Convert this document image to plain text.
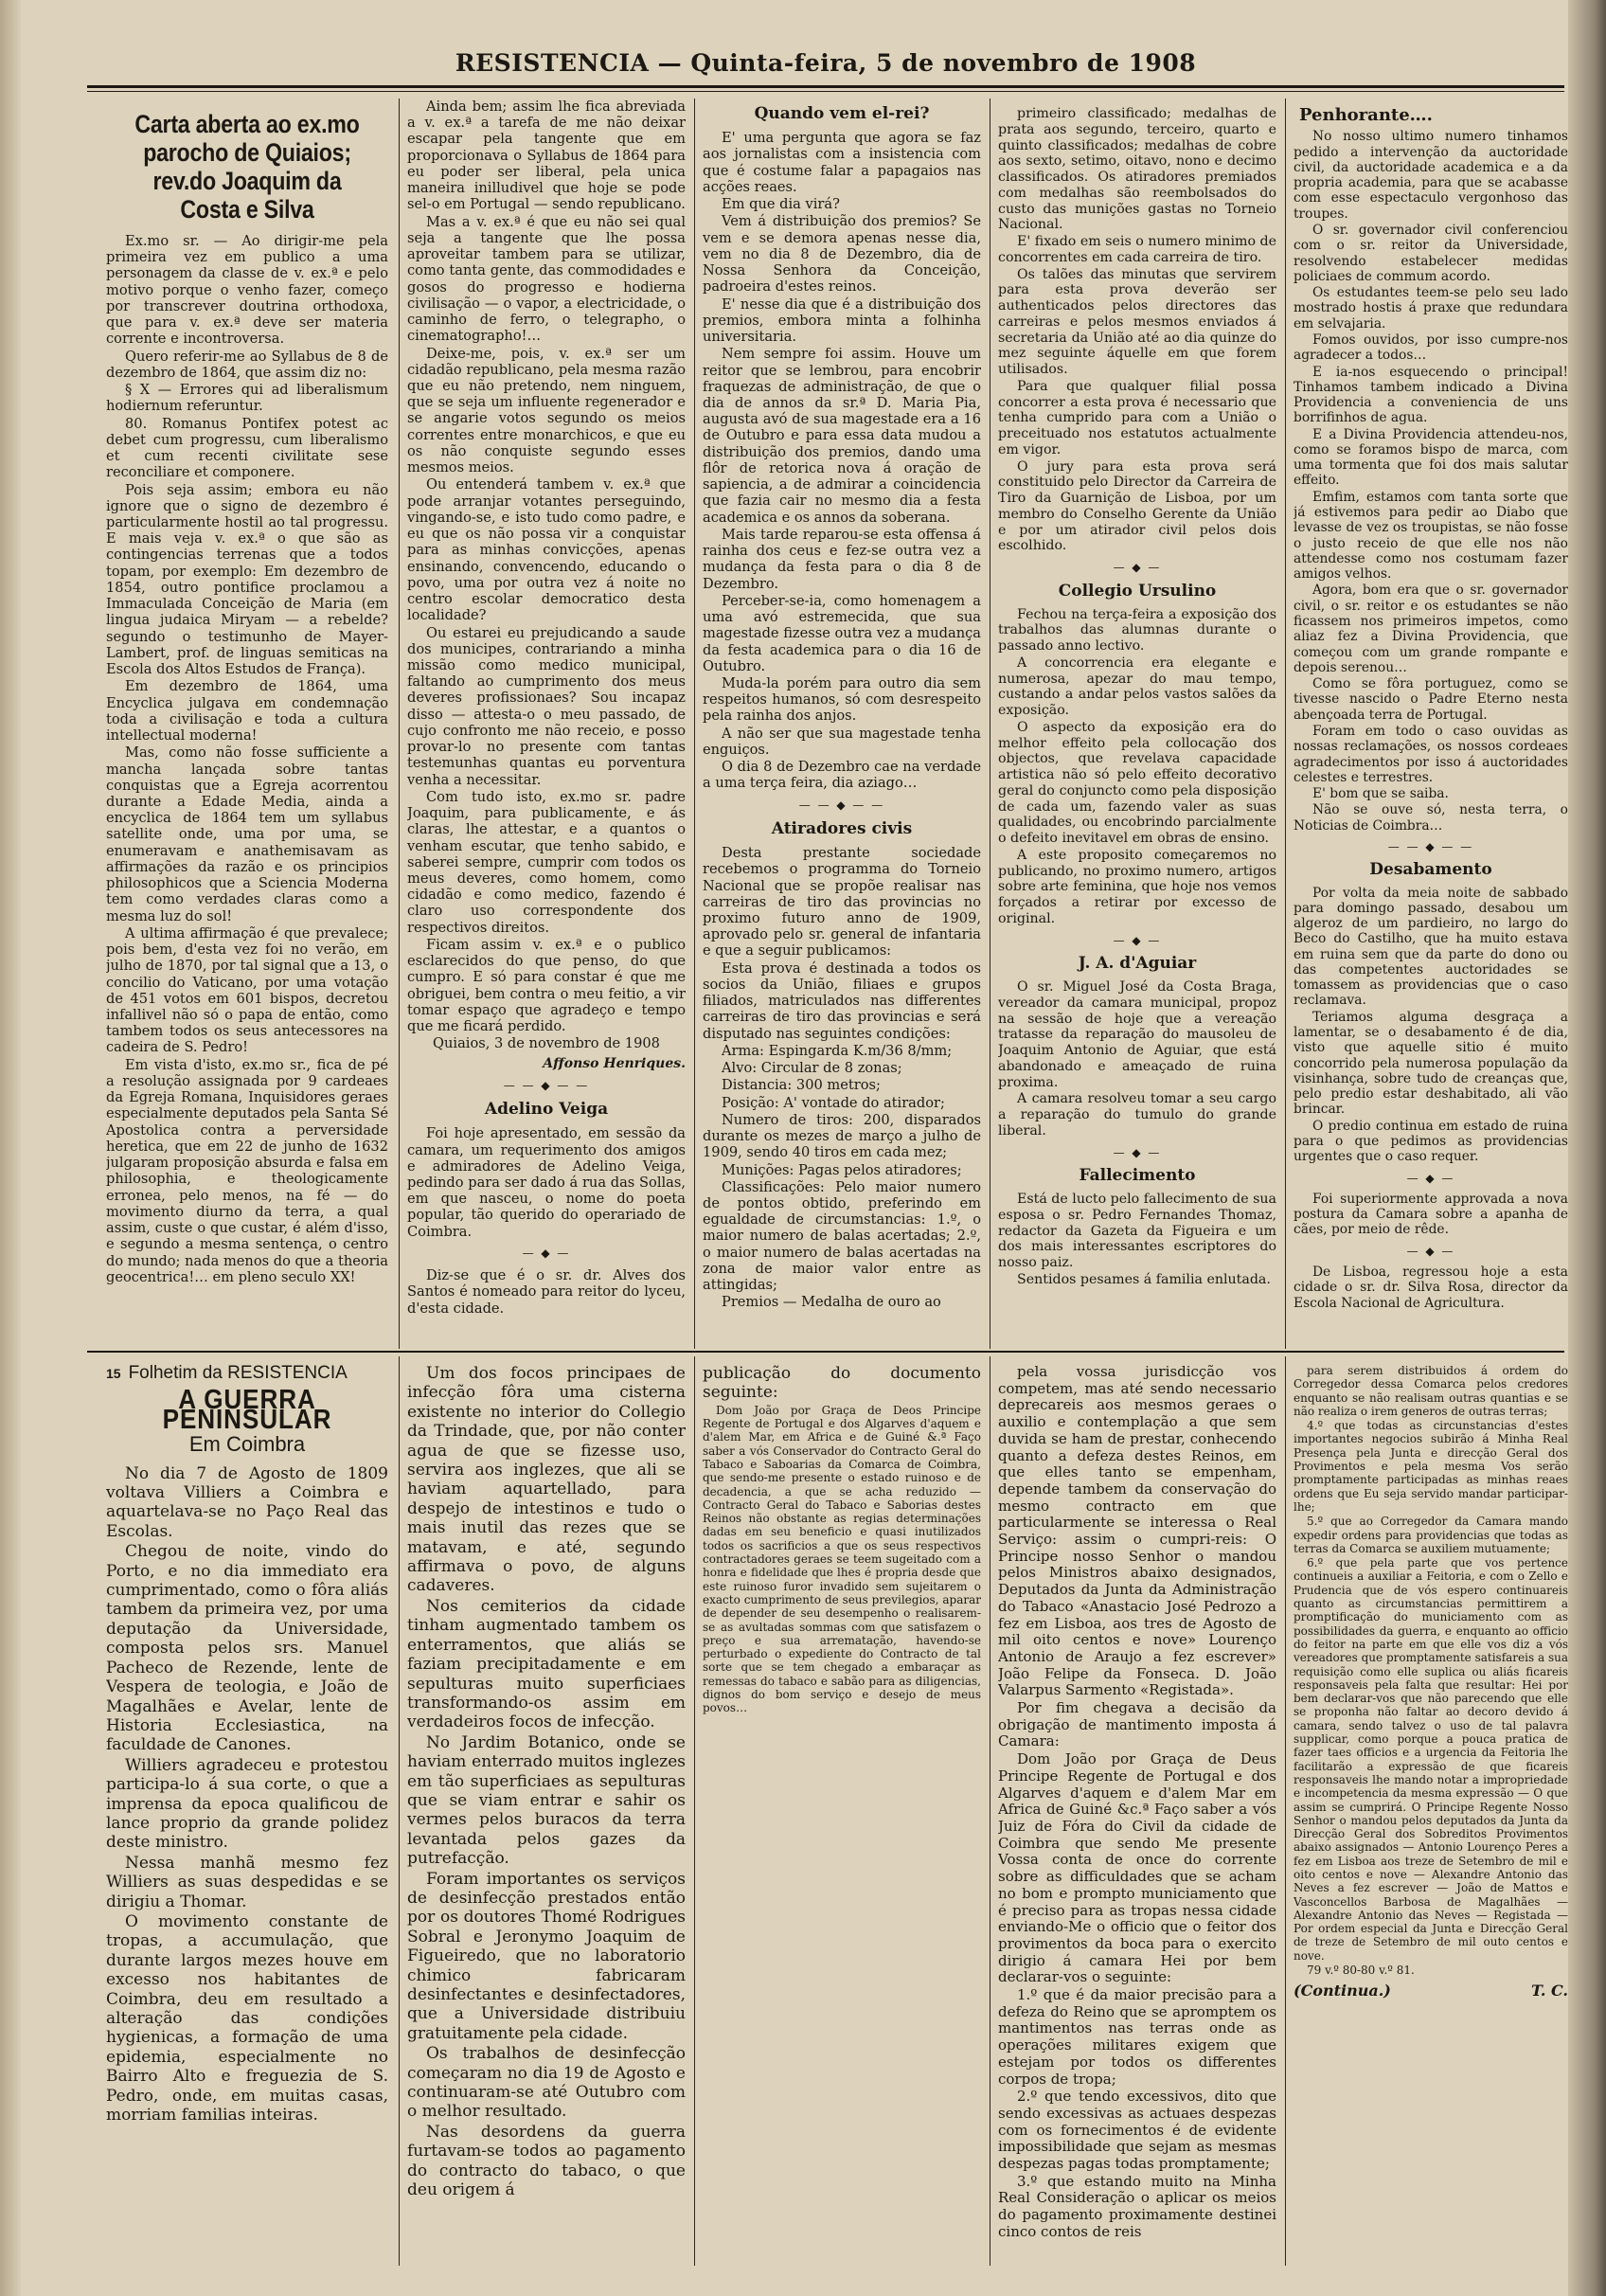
RESISTENCIA — Quinta-feira, 5 de novembro de 1908
Carta aberta ao ex.mo parocho de Quiaios; rev.do Joaquim da Costa e Silva

Ex.mo sr. — Ao dirigir-me pela primeira vez em publico a uma personagem da classe de v. ex.ª e pelo motivo porque o venho fazer, começo por transcrever doutrina orthodoxa, que para v. ex.ª deve ser materia corrente e incontroversa.

Quero referir-me ao Syllabus de 8 de dezembro de 1864, que assim diz no:

§ X — Errores qui ad liberalismum hodiernum referuntur.

80. Romanus Pontifex potest ac debet cum progressu, cum liberalismo et cum recenti civilitate sese reconciliare et componere.

Pois seja assim; embora eu não ignore que o signo de dezembro é particularmente hostil ao tal progressu. E mais veja v. ex.ª o que são as contingencias terrenas que a todos topam, por exemplo: Em dezembro de 1854, outro pontifice proclamou a Immaculada Conceição de Maria (em lingua judaica Miryam — a rebelde? segundo o testimunho de Mayer-Lambert, prof. de linguas semiticas na Escola dos Altos Estudos de França).

Em dezembro de 1864, uma Encyclica julgava em condemnação toda a civilisação e toda a cultura intellectual moderna!

Mas, como não fosse sufficiente a mancha lançada sobre tantas conquistas que a Egreja acorrentou durante a Edade Media, ainda a encyclica de 1864 tem um syllabus satellite onde, uma por uma, se enumeravam e anathemisavam as affirmações da razão e os principios philosophicos que a Sciencia Moderna tem como verdades claras como a mesma luz do sol!

A ultima affirmação é que prevalece; pois bem, d'esta vez foi no verão, em julho de 1870, por tal signal que a 13, o concilio do Vaticano, por uma votação de 451 votos em 601 bispos, decretou infallivel não só o papa de então, como tambem todos os seus antecessores na cadeira de S. Pedro!

Em vista d'isto, ex.mo sr., fica de pé a resolução assignada por 9 cardeaes da Egreja Romana, Inquisidores geraes especialmente deputados pela Santa Sé Apostolica contra a perversidade heretica, que em 22 de junho de 1632 julgaram proposição absurda e falsa em philosophia, e theologicamente erronea, pelo menos, na fé — do movimento diurno da terra, a qual assim, custe o que custar, é além d'isso, e segundo a mesma sentença, o centro do mundo; nada menos do que a theoria geocentrica!… em pleno seculo XX!

Ainda bem; assim lhe fica abreviada a v. ex.ª a tarefa de me não deixar escapar pela tangente que em proporcionava o Syllabus de 1864 para eu poder ser liberal, pela unica maneira inilludivel que hoje se pode sel-o em Portugal — sendo republicano.

Mas a v. ex.ª é que eu não sei qual seja a tangente que lhe possa aproveitar tambem para se utilizar, como tanta gente, das commodidades e gosos do progresso e hodierna civilisação — o vapor, a electricidade, o caminho de ferro, o telegrapho, o cinematographo!…

Deixe-me, pois, v. ex.ª ser um cidadão republicano, pela mesma razão que eu não pretendo, nem ninguem, que se seja um influente regenerador e se angarie votos segundo os meios correntes entre monarchicos, e que eu os não conquiste segundo esses mesmos meios.

Ou entenderá tambem v. ex.ª que pode arranjar votantes perseguindo, vingando-se, e isto tudo como padre, e eu que os não possa vir a conquistar para as minhas convicções, apenas ensinando, convencendo, educando o povo, uma por outra vez á noite no centro escolar democratico desta localidade?

Ou estarei eu prejudicando a saude dos municipes, contrariando a minha missão como medico municipal, faltando ao cumprimento dos meus deveres profissionaes? Sou incapaz disso — attesta-o o meu passado, de cujo confronto me não receio, e posso provar-lo no presente com tantas testemunhas quantas eu porventura venha a necessitar.

Com tudo isto, ex.mo sr. padre Joaquim, para publicamente, e ás claras, lhe attestar, e a quantos o venham escutar, que tenho sabido, e saberei sempre, cumprir com todos os meus deveres, como homem, como cidadão e como medico, fazendo é claro uso correspondente dos respectivos direitos.

Ficam assim v. ex.ª e o publico esclarecidos do que penso, do que cumpro. E só para constar é que me obriguei, bem contra o meu feitio, a vir tomar espaço que agradeço e tempo que me ficará perdido.

Quiaios, 3 de novembro de 1908

Affonso Henriques.

— — ◆ — —
Adelino Veiga

Foi hoje apresentado, em sessão da camara, um requerimento dos amigos e admiradores de Adelino Veiga, pedindo para ser dado á rua das Sollas, em que nasceu, o nome do poeta popular, tão querido do operariado de Coimbra.

— ◆ —

Diz-se que é o sr. dr. Alves dos Santos é nomeado para reitor do lyceu, d'esta cidade.

Quando vem el-rei?

E' uma pergunta que agora se faz aos jornalistas com a insistencia com que é costume falar a papagaios nas acções reaes.

Em que dia virá?

Vem á distribuição dos premios? Se vem e se demora apenas nesse dia, vem no dia 8 de Dezembro, dia de Nossa Senhora da Conceição, padroeira d'estes reinos.

E' nesse dia que é a distribuição dos premios, embora minta a folhinha universitaria.

Nem sempre foi assim. Houve um reitor que se lembrou, para encobrir fraquezas de administração, de que o dia de annos da sr.ª D. Maria Pia, augusta avó de sua magestade era a 16 de Outubro e para essa data mudou a distribuição dos premios, dando uma flôr de retorica nova á oração de sapiencia, a de admirar a coincidencia que fazia cair no mesmo dia a festa academica e os annos da soberana.

Mais tarde reparou-se esta offensa á rainha dos ceus e fez-se outra vez a mudança da festa para o dia 8 de Dezembro.

Perceber-se-ia, como homenagem a uma avó estremecida, que sua magestade fizesse outra vez a mudança da festa academica para o dia 16 de Outubro.

Muda-la porém para outro dia sem respeitos humanos, só com desrespeito pela rainha dos anjos.

A não ser que sua magestade tenha enguiços.

O dia 8 de Dezembro cae na verdade a uma terça feira, dia aziago…

— — ◆ — —
Atiradores civis

Desta prestante sociedade recebemos o programma do Torneio Nacional que se propõe realisar nas carreiras de tiro das provincias no proximo futuro anno de 1909, aprovado pelo sr. general de infantaria e que a seguir publicamos:

Esta prova é destinada a todos os socios da União, filiaes e grupos filiados, matriculados nas differentes carreiras de tiro das provincias e será disputado nas seguintes condições:

Arma: Espingarda K.m/36 8/mm;

Alvo: Circular de 8 zonas;

Distancia: 300 metros;

Posição: A' vontade do atirador;

Numero de tiros: 200, disparados durante os mezes de março a julho de 1909, sendo 40 tiros em cada mez;

Munições: Pagas pelos atiradores;

Classificações: Pelo maior numero de pontos obtido, preferindo em egualdade de circumstancias: 1.º, o maior numero de balas acertadas; 2.º, o maior numero de balas acertadas na zona de maior valor entre as attingidas;

Premios — Medalha de ouro ao

primeiro classificado; medalhas de prata aos segundo, terceiro, quarto e quinto classificados; medalhas de cobre aos sexto, setimo, oitavo, nono e decimo classificados. Os atiradores premiados com medalhas são reembolsados do custo das munições gastas no Torneio Nacional.

E' fixado em seis o numero minimo de concorrentes em cada carreira de tiro.

Os talões das minutas que servirem para esta prova deverão ser authenticados pelos directores das carreiras e pelos mesmos enviados á secretaria da União até ao dia quinze do mez seguinte áquelle em que forem utilisados.

Para que qualquer filial possa concorrer a esta prova é necessario que tenha cumprido para com a União o preceituado nos estatutos actualmente em vigor.

O jury para esta prova será constituido pelo Director da Carreira de Tiro da Guarnição de Lisboa, por um membro do Conselho Gerente da União e por um atirador civil pelos dois escolhido.

— ◆ —
Collegio Ursulino

Fechou na terça-feira a exposição dos trabalhos das alumnas durante o passado anno lectivo.

A concorrencia era elegante e numerosa, apezar do mau tempo, custando a andar pelos vastos salões da exposição.

O aspecto da exposição era do melhor effeito pela collocação dos objectos, que revelava capacidade artistica não só pelo effeito decorativo geral do conjuncto como pela disposição de cada um, fazendo valer as suas qualidades, ou encobrindo parcialmente o defeito inevitavel em obras de ensino.

A este proposito começaremos no publicando, no proximo numero, artigos sobre arte feminina, que hoje nos vemos forçados a retirar por excesso de original.

— ◆ —
J. A. d'Aguiar

O sr. Miguel José da Costa Braga, vereador da camara municipal, propoz na sessão de hoje que a vereação tratasse da reparação do mausoleu de Joaquim Antonio de Aguiar, que está abandonado e ameaçado de ruina proxima.

A camara resolveu tomar a seu cargo a reparação do tumulo do grande liberal.

— ◆ —
Fallecimento

Está de lucto pelo fallecimento de sua esposa o sr. Pedro Fernandes Thomaz, redactor da Gazeta da Figueira e um dos mais interessantes escriptores do nosso paiz.

Sentidos pesames á familia enlutada.

Penhorante….

No nosso ultimo numero tinhamos pedido a intervenção da auctoridade civil, da auctoridade academica e a da propria academia, para que se acabasse com esse espectaculo vergonhoso das troupes.

O sr. governador civil conferenciou com o sr. reitor da Universidade, resolvendo estabelecer medidas policiaes de commum acordo.

Os estudantes teem-se pelo seu lado mostrado hostis á praxe que redundara em selvajaria.

Fomos ouvidos, por isso cumpre-nos agradecer a todos…

E ia-nos esquecendo o principal! Tinhamos tambem indicado a Divina Providencia a conveniencia de uns borrifinhos de agua.

E a Divina Providencia attendeu-nos, como se foramos bispo de marca, com uma tormenta que foi dos mais salutar effeito.

Emfim, estamos com tanta sorte que já estivemos para pedir ao Diabo que levasse de vez os troupistas, se não fosse o justo receio de que elle nos não attendesse como nos costumam fazer amigos velhos.

Agora, bom era que o sr. governador civil, o sr. reitor e os estudantes se não ficassem nos primeiros impetos, como aliaz fez a Divina Providencia, que começou com um grande rompante e depois serenou…

Como se fôra portuguez, como se tivesse nascido o Padre Eterno nesta abençoada terra de Portugal.

Foram em todo o caso ouvidas as nossas reclamações, os nossos cordeaes agradecimentos por isso á auctoridades celestes e terrestres.

E' bom que se saiba.

Não se ouve só, nesta terra, o Noticias de Coimbra…

— — ◆ — —
Desabamento

Por volta da meia noite de sabbado para domingo passado, desabou um algeroz de um pardieiro, no largo do Beco do Castilho, que ha muito estava em ruina sem que da parte do dono ou das competentes auctoridades se tomassem as providencias que o caso reclamava.

Teriamos alguma desgraça a lamentar, se o desabamento é de dia, visto que aquelle sitio é muito concorrido pela numerosa população da visinhança, sobre tudo de creanças que, pelo predio estar deshabitado, ali vão brincar.

O predio continua em estado de ruina para o que pedimos as providencias urgentes que o caso requer.

— ◆ —

Foi superiormente approvada a nova postura da Camara sobre a apanha de cães, por meio de rêde.

— ◆ —

De Lisboa, regressou hoje a esta cidade o sr. dr. Silva Rosa, director da Escola Nacional de Agricultura.

15 Folhetim da RESISTENCIA
A GUERRA PENINSULAR
Em Coimbra

No dia 7 de Agosto de 1809 voltava Villiers a Coimbra e aquartelava-se no Paço Real das Escolas.

Chegou de noite, vindo do Porto, e no dia immediato era cumprimentado, como o fôra aliás tambem da primeira vez, por uma deputação da Universidade, composta pelos srs. Manuel Pacheco de Rezende, lente de Vespera de teologia, e João de Magalhães e Avelar, lente de Historia Ecclesiastica, na faculdade de Canones.

Williers agradeceu e protestou participa-lo á sua corte, o que a imprensa da epoca qualificou de lance proprio da grande polidez deste ministro.

Nessa manhã mesmo fez Williers as suas despedidas e se dirigiu a Thomar.

O movimento constante de tropas, a accumulação, que durante largos mezes houve em excesso nos habitantes de Coimbra, deu em resultado a alteração das condições hygienicas, a formação de uma epidemia, especialmente no Bairro Alto e freguezia de S. Pedro, onde, em muitas casas, morriam familias inteiras.

Um dos focos principaes de infecção fôra uma cisterna existente no interior do Collegio da Trindade, que, por não conter agua de que se fizesse uso, servira aos inglezes, que ali se haviam aquartellado, para despejo de intestinos e tudo o mais inutil das rezes que se matavam, e até, segundo affirmava o povo, de alguns cadaveres.

Nos cemiterios da cidade tinham augmentado tambem os enterramentos, que aliás se faziam precipitadamente e em sepulturas muito superficiaes transformando-os assim em verdadeiros focos de infecção.

No Jardim Botanico, onde se haviam enterrado muitos inglezes em tão superficiaes as sepulturas que se viam entrar e sahir os vermes pelos buracos da terra levantada pelos gazes da putrefacção.

Foram importantes os serviços de desinfecção prestados então por os doutores Thomé Rodrigues Sobral e Jeronymo Joaquim de Figueiredo, que no laboratorio chimico fabricaram desinfectantes e desinfectadores, que a Universidade distribuiu gratuitamente pela cidade.

Os trabalhos de desinfecção começaram no dia 19 de Agosto e continuaram-se até Outubro com o melhor resultado.

Nas desordens da guerra furtavam-se todos ao pagamento do contracto do tabaco, o que deu origem á

publicação do documento seguinte:

Dom João por Graça de Deos Principe Regente de Portugal e dos Algarves d'aquem e d'alem Mar, em Africa e de Guiné &.ª Faço saber a vós Conservador do Contracto Geral do Tabaco e Saboarias da Comarca de Coimbra, que sendo-me presente o estado ruinoso e de decadencia, a que se acha reduzido — Contracto Geral do Tabaco e Saborias destes Reinos não obstante as regias determinações dadas em seu beneficio e quasi inutilizados todos os sacrificios a que os seus respectivos contractadores geraes se teem sugeitado com a honra e fidelidade que lhes é propria desde que este ruinoso furor invadido sem sujeitarem o exacto cumprimento de seus previlegios, aparar de depender de seu desempenho o realisarem-se as avultadas sommas com que satisfazem o preço e sua arrematação, havendo-se perturbado o expediente do Contracto de tal sorte que se tem chegado a embaraçar as remessas do tabaco e sabão para as diligencias, dignos do bom serviço e desejo de meus povos…

pela vossa jurisdicção vos competem, mas até sendo necessario deprecareis aos mesmos geraes o auxilio e contemplação a que sem duvida se ham de prestar, conhecendo quanto a defeza destes Reinos, em que elles tanto se empenham, depende tambem da conservação do mesmo contracto em que particularmente se interessa o Real Serviço: assim o cumpri-reis: O Principe nosso Senhor o mandou pelos Ministros abaixo designados, Deputados da Junta da Administração do Tabaco «Anastacio José Pedrozo a fez em Lisboa, aos tres de Agosto de mil oito centos e nove» Lourenço Antonio de Araujo a fez escrever» João Felipe da Fonseca. D. João Valarpus Sarmento «Registada».

Por fim chegava a decisão da obrigação de mantimento imposta á Camara:

Dom João por Graça de Deus Principe Regente de Portugal e dos Algarves d'aquem e d'alem Mar em Africa de Guiné &c.ª Faço saber a vós Juiz de Fóra do Civil da cidade de Coimbra que sendo Me presente Vossa conta de once do corrente sobre as difficuldades que se acham no bom e prompto municiamento que é preciso para as tropas nessa cidade enviando-Me o officio que o feitor dos provimentos da boca para o exercito dirigio á camara Hei por bem declarar-vos o seguinte:

1.º que é da maior precisão para a defeza do Reino que se apromptem os mantimentos nas terras onde as operações militares exigem que estejam por todos os differentes corpos de tropa;

2.º que tendo excessivos, dito que sendo excessivas as actuaes despezas com os fornecimentos é de evidente impossibilidade que sejam as mesmas despezas pagas todas promptamente;

3.º que estando muito na Minha Real Consideração o aplicar os meios do pagamento proximamente destinei cinco contos de reis

para serem distribuidos á ordem do Corregedor dessa Comarca pelos credores enquanto se não realisam outras quantias e se não realiza o irem generos de outras terras;

4.º que todas as circunstancias d'estes importantes negocios subirão á Minha Real Presença pela Junta e direcção Geral dos Provimentos e pela mesma Vos serão promptamente participadas as minhas reaes ordens que Eu seja servido mandar participar-lhe;

5.º que ao Corregedor da Camara mando expedir ordens para providencias que todas as terras da Comarca se auxiliem mutuamente;

6.º que pela parte que vos pertence continueis a auxiliar a Feitoria, e com o Zello e Prudencia que de vós espero continuareis quanto as circumstancias permittirem a promptificação do municiamento com as possibilidades da guerra, e enquanto ao officio do feitor na parte em que elle vos diz a vós vereadores que promptamente satisfareis a sua requisição como elle suplica ou aliás ficareis responsaveis pela falta que resultar: Hei por bem declarar-vos que não parecendo que elle se proponha não faltar ao decoro devido á camara, sendo talvez o uso de tal palavra supplicar, como porque a pouca pratica de fazer taes officios e a urgencia da Feitoria lhe facilitarão a expressão de que ficareis responsaveis lhe mando notar a impropriedade e incompetencia da mesma expressão — O que assim se cumprirá. O Principe Regente Nosso Senhor o mandou pelos deputados da Junta da Direcção Geral dos Sobreditos Provimentos abaixo assignados — Antonio Lourenço Peres a fez em Lisboa aos treze de Setembro de mil e oito centos e nove — Alexandre Antonio das Neves a fez escrever — João de Mattos e Vasconcellos Barbosa de Magalhães — Alexandre Antonio das Neves — Registada — Por ordem especial da Junta e Direcção Geral de treze de Setembro de mil outo centos e nove.

79 v.º 80-80 v.º 81.

(Continua.)	T. C.
